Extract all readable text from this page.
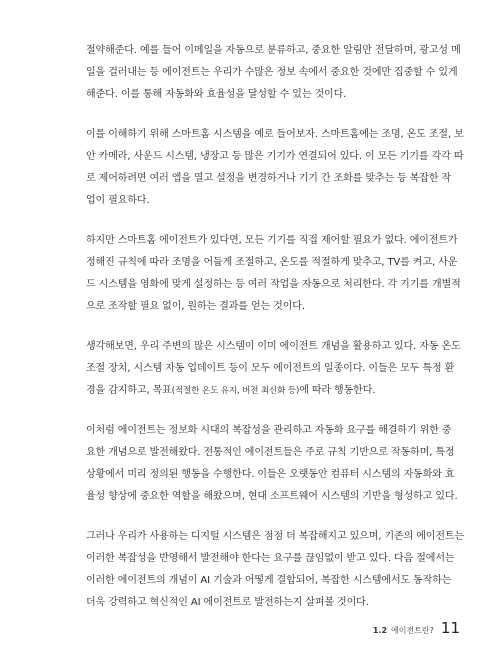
절약해준다. 예를 들어 이메일을 자동으로 분류하고, 중요한 알림만 전달하며, 광고성 메
일을 걸러내는 등 에이전트는 우리가 수많은 정보 속에서 중요한 것에만 집중할 수 있게
해준다. 이를 통해 자동화와 효율성을 달성할 수 있는 것이다.
이를 이해하기 위해 스마트홈 시스템을 예로 들어보자. 스마트홈에는 조명, 온도 조절, 보
안 카메라, 사운드 시스템, 냉장고 등 많은 기기가 연결되어 있다. 이 모든 기기를 각각 따
로 제어하려면 여러 앱을 열고 설정을 변경하거나 기기 간 조화를 맞추는 등 복잡한 작
업이 필요하다.
하지만 스마트홈 에이전트가 있다면, 모든 기기를 직접 제어할 필요가 없다. 에이전트가
정해진 규칙에 따라 조명을 어둡게 조절하고, 온도를 적절하게 맞추고, TV를 켜고, 사운
드 시스템을 영화에 맞게 설정하는 등 여러 작업을 자동으로 처리한다. 각 기기를 개별적
으로 조작할 필요 없이, 원하는 결과를 얻는 것이다.
생각해보면, 우리 주변의 많은 시스템이 이미 에이전트 개념을 활용하고 있다. 자동 온도
조절 장치, 시스템 자동 업데이트 등이 모두 에이전트의 일종이다. 이들은 모두 특정 환
경을 감지하고, 목표(적절한 온도 유지, 버전 최신화 등)에 따라 행동한다.
이처럼 에이전트는 정보화 시대의 복잡성을 관리하고 자동화 요구를 해결하기 위한 중
요한 개념으로 발전해왔다. 전통적인 에이전트들은 주로 규칙 기반으로 작동하며, 특정
상황에서 미리 정의된 행동을 수행한다. 이들은 오랫동안 컴퓨터 시스템의 자동화와 효
율성 향상에 중요한 역할을 해왔으며, 현대 소프트웨어 시스템의 기반을 형성하고 있다.
그러나 우리가 사용하는 디지털 시스템은 점점 더 복잡해지고 있으며, 기존의 에이전트는
이러한 복잡성을 반영해서 발전해야 한다는 요구를 끊임없이 받고 있다. 다음 절에서는
이러한 에이전트의 개념이 AI 기술과 어떻게 결합되어, 복잡한 시스템에서도 동작하는
더욱 강력하고 혁신적인 AI 에이전트로 발전하는지 살펴볼 것이다.
1.2 에이전트란? 11
